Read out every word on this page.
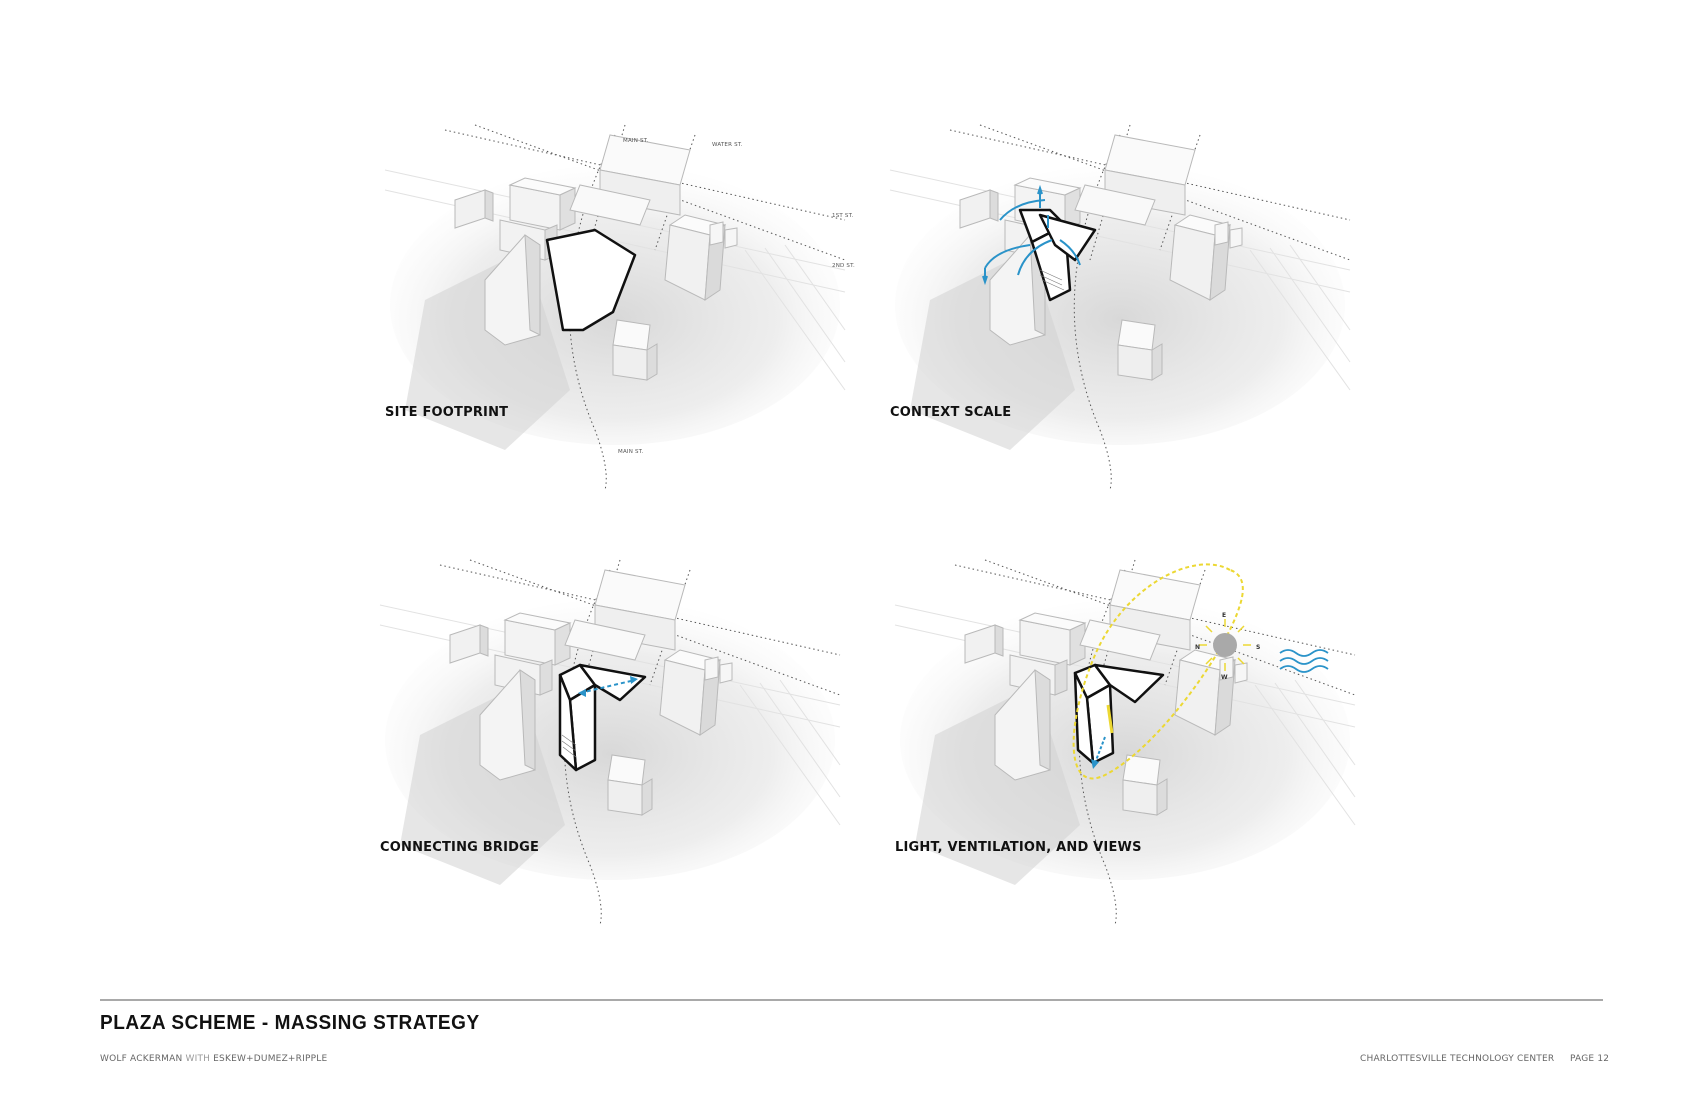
MAIN ST.
WATER ST.
1ST ST.
2ND ST.
MAIN ST.
SITE FOOTPRINT	CONTEXT SCALE
CONNECTING BRIDGE
E
N	S
W
LIGHT, VENTILATION, AND VIEWS
PLAZA SCHEME - MASSING STRATEGY
WOLF ACKERMAN WITH ESKEW+DUMEZ+RIPPLE	CHARLOTTESVILLE TECHNOLOGY CENTER PAGE 12
